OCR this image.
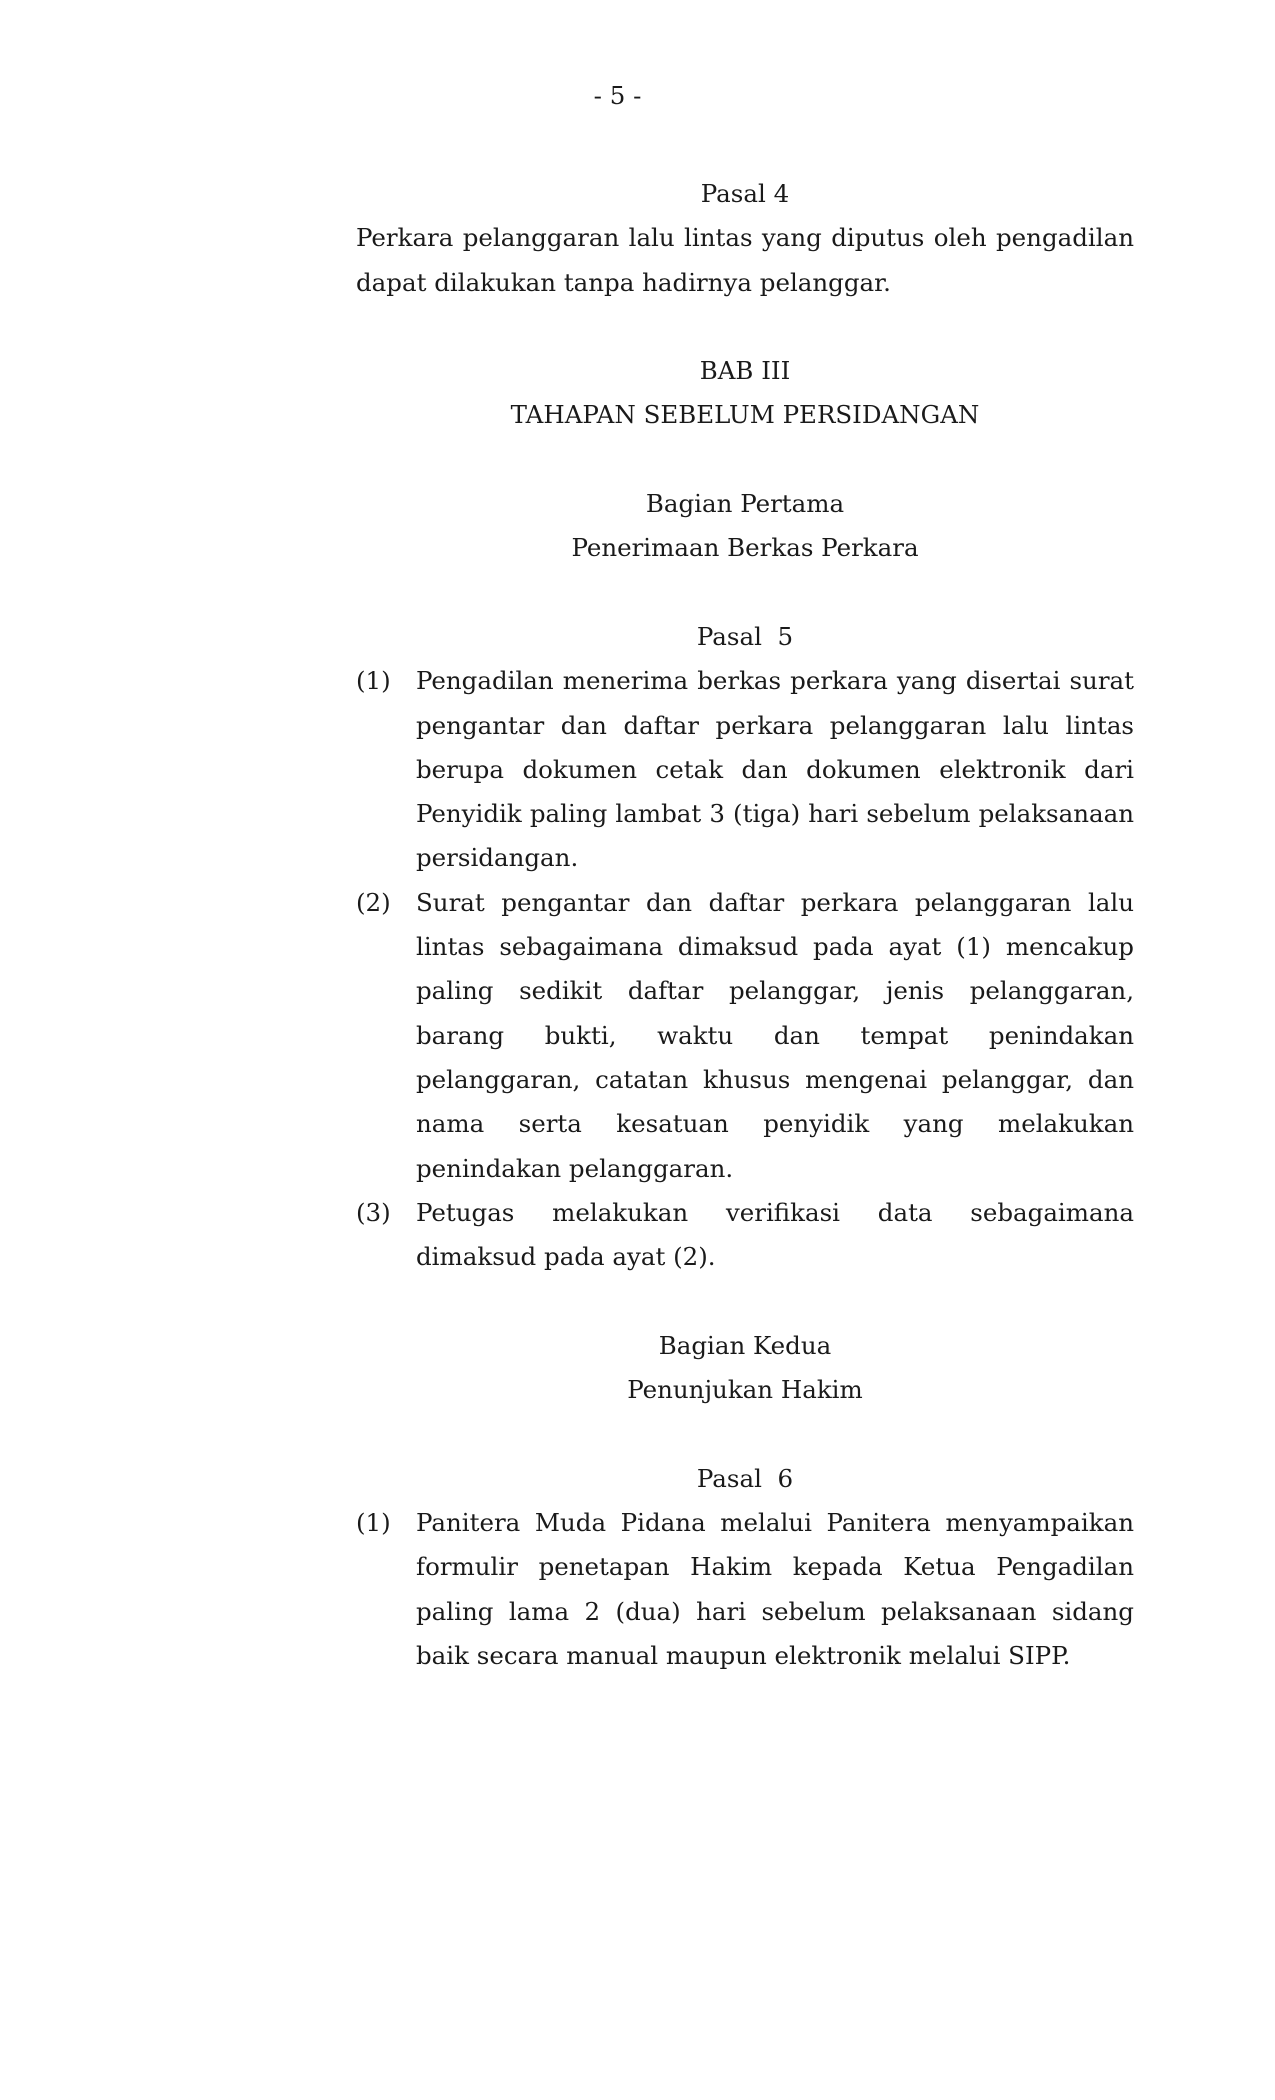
- 5 -
Pasal 4
Perkara pelanggaran lalu lintas yang diputus oleh pengadilan dapat dilakukan tanpa hadirnya pelanggar.
BAB III
TAHAPAN SEBELUM PERSIDANGAN
Bagian Pertama
Penerimaan Berkas Perkara
Pasal  5
(1)	Pengadilan menerima berkas perkara yang disertai surat pengantar dan daftar perkara pelanggaran lalu lintas berupa dokumen cetak dan dokumen elektronik dari Penyidik paling lambat 3 (tiga) hari sebelum pelaksanaan persidangan.
(2)	Surat pengantar dan daftar perkara pelanggaran lalu lintas sebagaimana dimaksud pada ayat (1) mencakup paling sedikit daftar pelanggar, jenis pelanggaran, barang bukti, waktu dan tempat penindakan pelanggaran, catatan khusus mengenai pelanggar, dan nama serta kesatuan penyidik yang melakukan penindakan pelanggaran.
(3)	Petugas melakukan verifikasi data sebagaimana dimaksud pada ayat (2).
Bagian Kedua
Penunjukan Hakim
Pasal  6
(1)	Panitera Muda Pidana melalui Panitera menyampaikan formulir penetapan Hakim kepada Ketua Pengadilan paling lama 2 (dua) hari sebelum pelaksanaan sidang baik secara manual maupun elektronik melalui SIPP.
